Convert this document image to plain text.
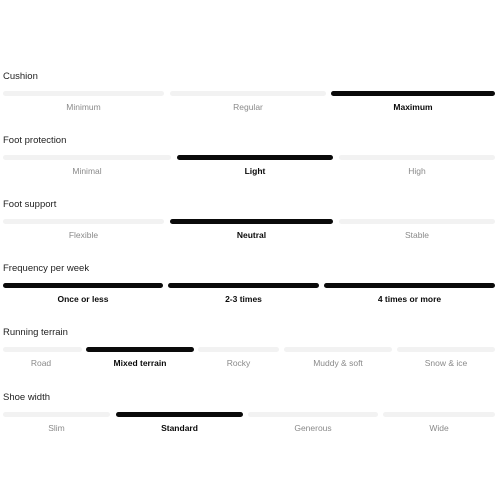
Cushion
Minimum	Regular	Maximum
Foot protection
Minimal	Light	High
Foot support
Flexible	Neutral	Stable
Frequency per week
Once or less	2-3 times	4 times or more
Running terrain
Road	Mixed terrain	Rocky	Muddy & soft	Snow & ice
Shoe width
Slim	Standard	Generous	Wide
